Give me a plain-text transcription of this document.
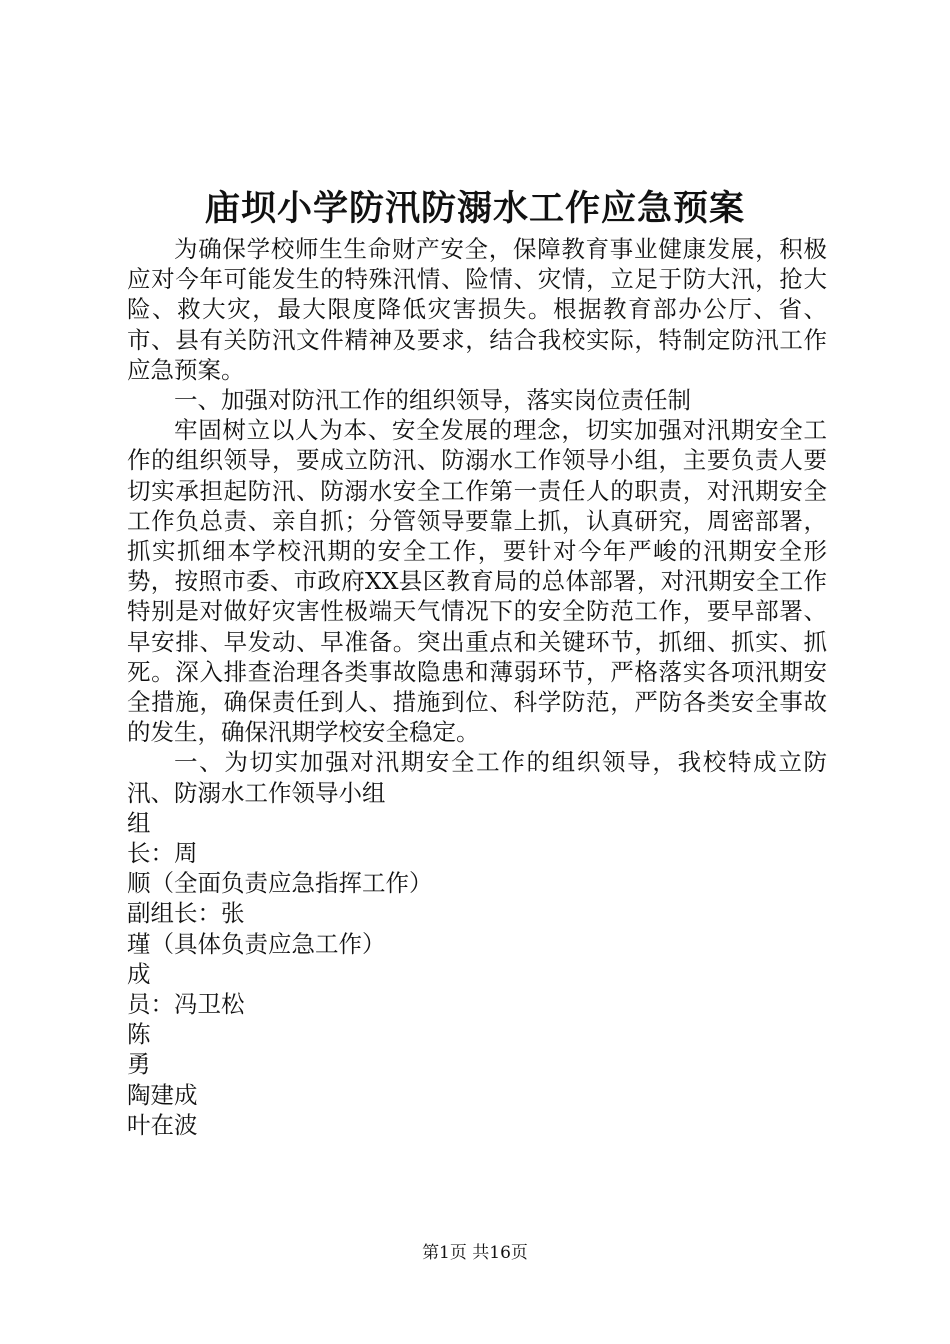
庙坝小学防汛防溺水工作应急预案

为确保学校师生生命财产安全，保障教育事业健康发展，积极应对今年可能发生的特殊汛情、险情、灾情，立足于防大汛，抢大险、救大灾，最大限度降低灾害损失。根据教育部办公厅、省、市、县有关防汛文件精神及要求，结合我校实际，特制定防汛工作应急预案。

一、加强对防汛工作的组织领导，落实岗位责任制

牢固树立以人为本、安全发展的理念，切实加强对汛期安全工作的组织领导，要成立防汛、防溺水工作领导小组，主要负责人要切实承担起防汛、防溺水安全工作第一责任人的职责，对汛期安全工作负总责、亲自抓；分管领导要靠上抓，认真研究，周密部署，抓实抓细本学校汛期的安全工作，要针对今年严峻的汛期安全形势，按照市委、市政府XX县区教育局的总体部署，对汛期安全工作特别是对做好灾害性极端天气情况下的安全防范工作，要早部署、早安排、早发动、早准备。突出重点和关键环节，抓细、抓实、抓死。深入排查治理各类事故隐患和薄弱环节，严格落实各项汛期安全措施，确保责任到人、措施到位、科学防范，严防各类安全事故的发生，确保汛期学校安全稳定。

一、为切实加强对汛期安全工作的组织领导，我校特成立防汛、防溺水工作领导小组

组

长：周

顺（全面负责应急指挥工作）

副组长：张

瑾（具体负责应急工作）

成

员：冯卫松

陈

勇

陶建成

叶在波

第1页 共16页
